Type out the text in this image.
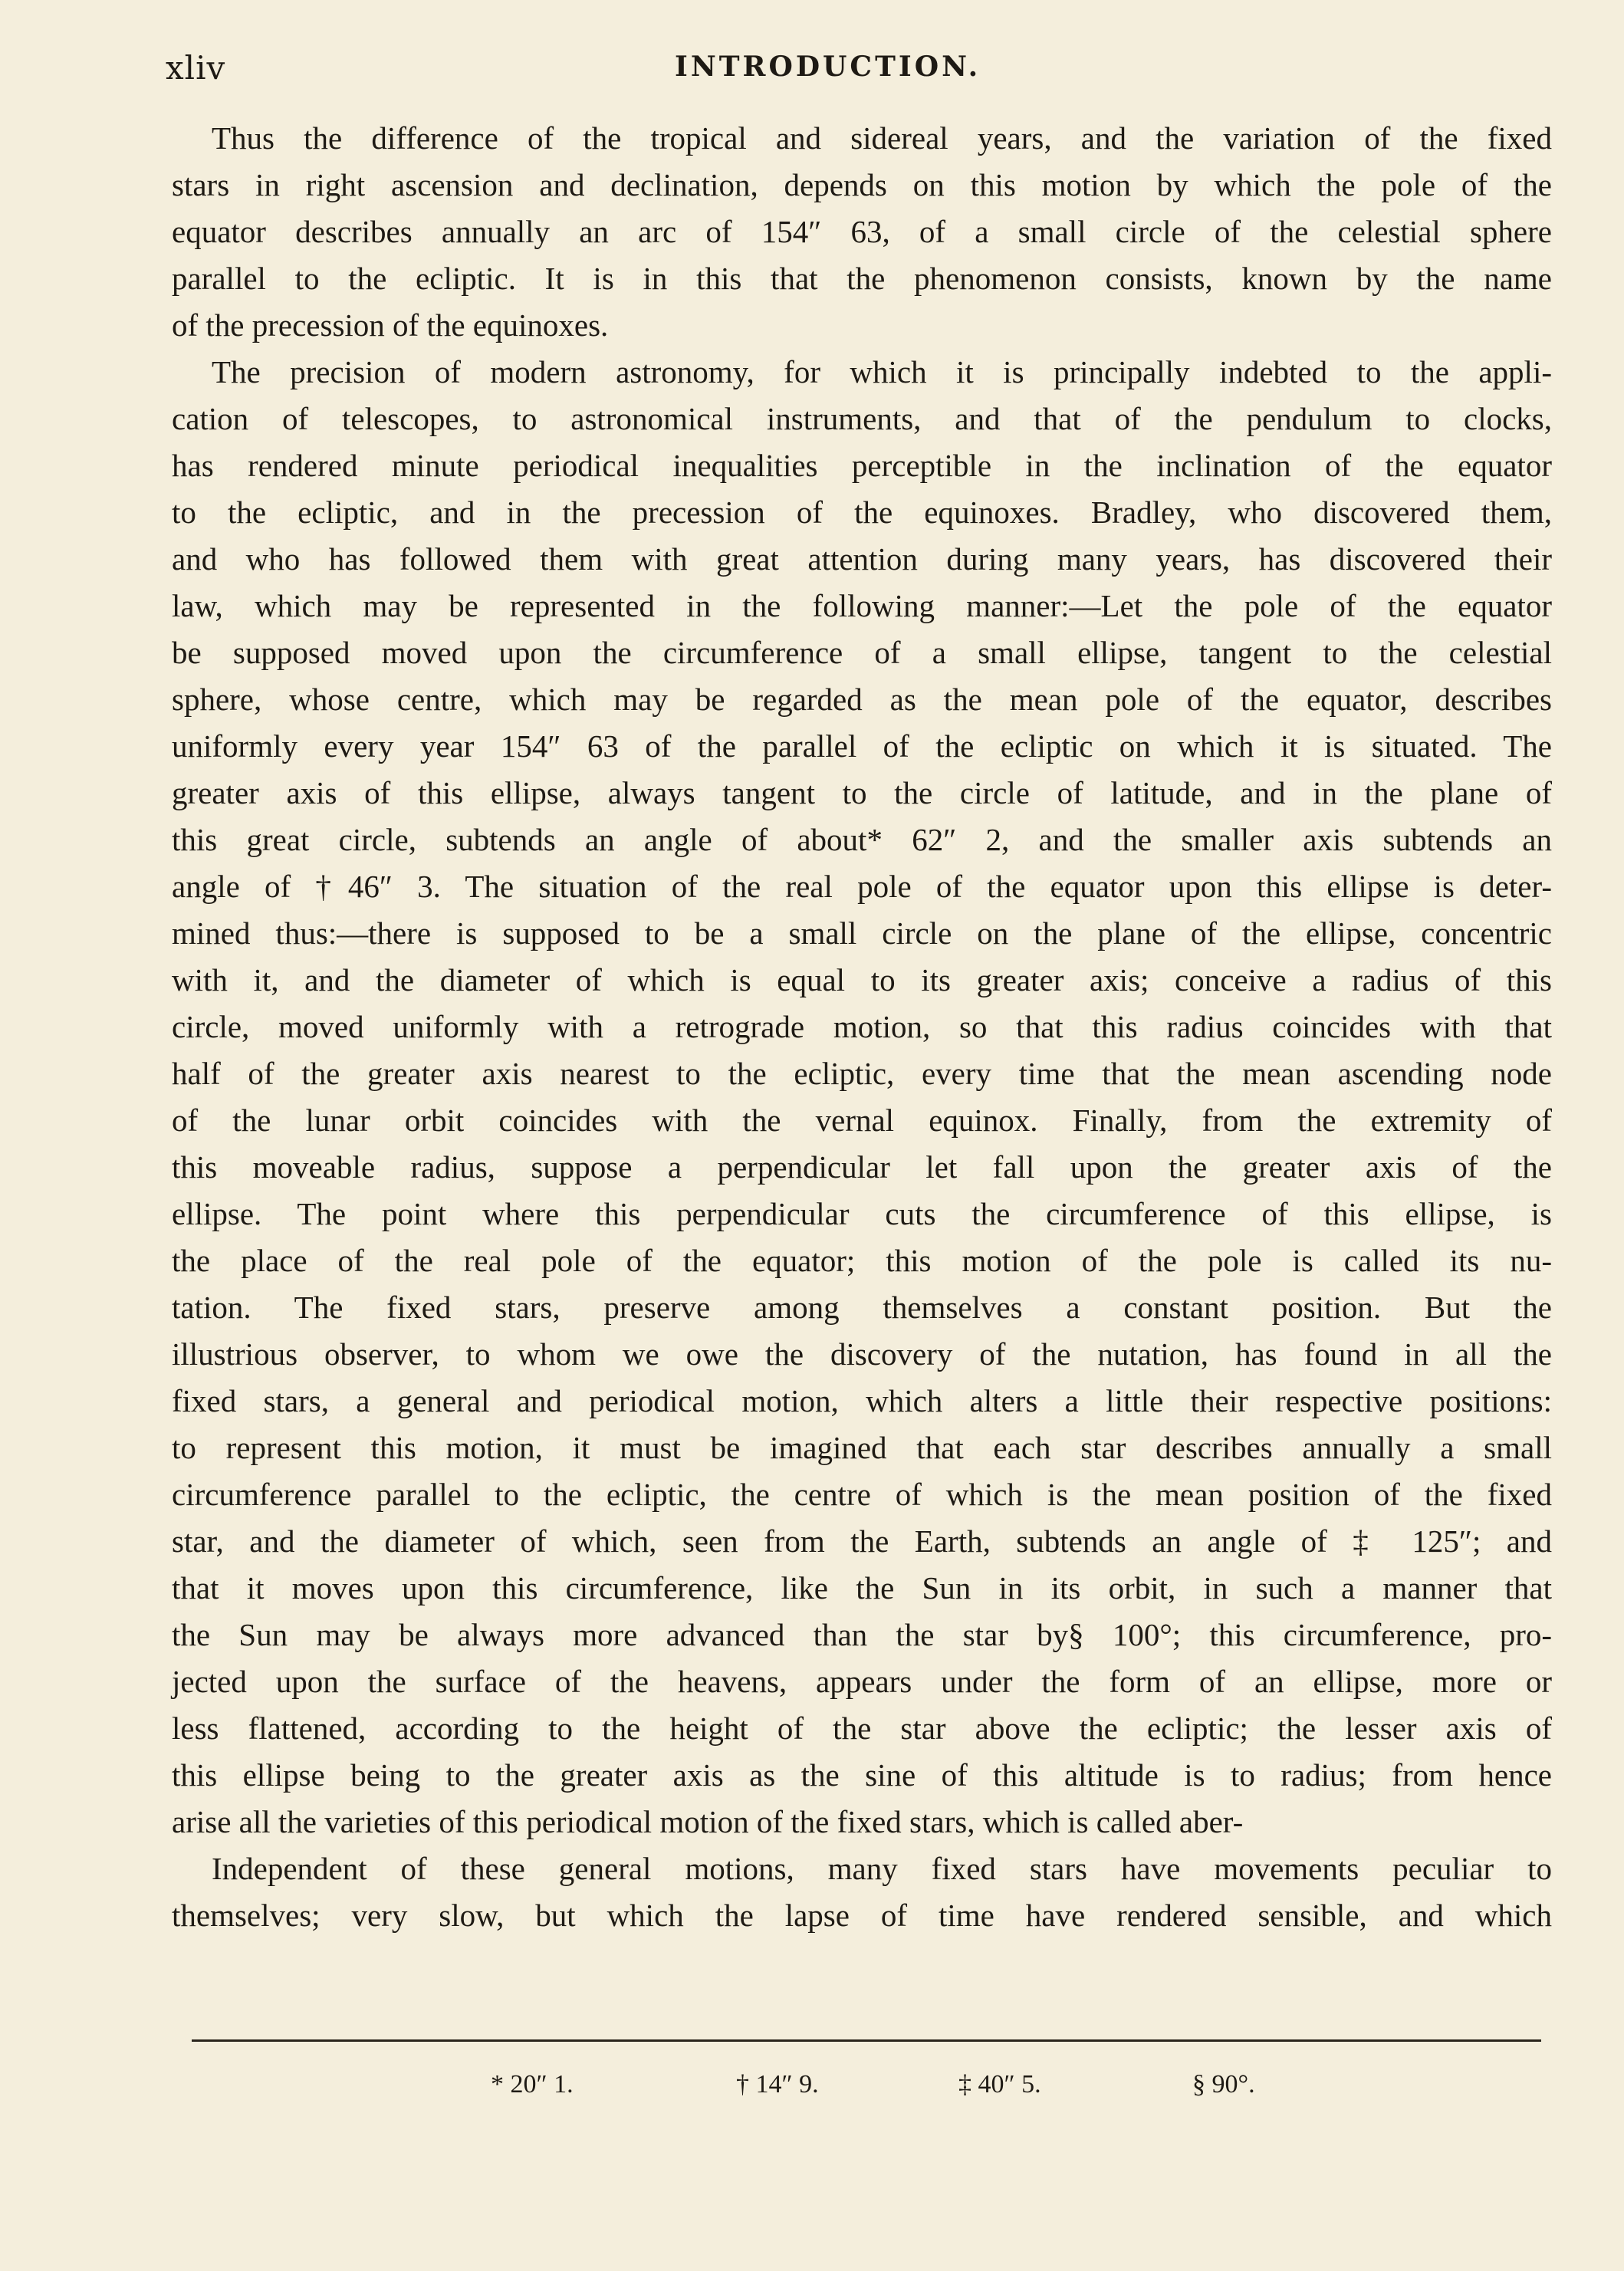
xliv	INTRODUCTION.

Thus the difference of the tropical and sidereal years, and the variation of the fixed
stars in right ascension and declination, depends on this motion by which the pole of the
equator describes annually an arc of 154″ 63, of a small circle of the celestial sphere
parallel to the ecliptic. It is in this that the phenomenon consists, known by the name
of the precession of the equinoxes.

The precision of modern astronomy, for which it is principally indebted to the appli-
cation of telescopes, to astronomical instruments, and that of the pendulum to clocks,
has rendered minute periodical inequalities perceptible in the inclination of the equator
to the ecliptic, and in the precession of the equinoxes. Bradley, who discovered them,
and who has followed them with great attention during many years, has discovered their
law, which may be represented in the following manner:—Let the pole of the equator
be supposed moved upon the circumference of a small ellipse, tangent to the celestial
sphere, whose centre, which may be regarded as the mean pole of the equator, describes
uniformly every year 154″ 63 of the parallel of the ecliptic on which it is situated. The
greater axis of this ellipse, always tangent to the circle of latitude, and in the plane of
this great circle, subtends an angle of about* 62″ 2, and the smaller axis subtends an
angle of †46″ 3. The situation of the real pole of the equator upon this ellipse is deter-
mined thus:—there is supposed to be a small circle on the plane of the ellipse, concentric
with it, and the diameter of which is equal to its greater axis; conceive a radius of this
circle, moved uniformly with a retrograde motion, so that this radius coincides with that
half of the greater axis nearest to the ecliptic, every time that the mean ascending node
of the lunar orbit coincides with the vernal equinox. Finally, from the extremity of
this moveable radius, suppose a perpendicular let fall upon the greater axis of the
ellipse. The point where this perpendicular cuts the circumference of this ellipse, is
the place of the real pole of the equator; this motion of the pole is called its nu-
tation. The fixed stars, preserve among themselves a constant position. But the
illustrious observer, to whom we owe the discovery of the nutation, has found in all the
fixed stars, a general and periodical motion, which alters a little their respective positions:
to represent this motion, it must be imagined that each star describes annually a small
circumference parallel to the ecliptic, the centre of which is the mean position of the fixed
star, and the diameter of which, seen from the Earth, subtends an angle of ‡ 125″; and
that it moves upon this circumference, like the Sun in its orbit, in such a manner that
the Sun may be always more advanced than the star by§ 100°; this circumference, pro-
jected upon the surface of the heavens, appears under the form of an ellipse, more or
less flattened, according to the height of the star above the ecliptic; the lesser axis of
this ellipse being to the greater axis as the sine of this altitude is to radius; from hence
arise all the varieties of this periodical motion of the fixed stars, which is called aber-

Independent of these general motions, many fixed stars have movements peculiar to
themselves; very slow, but which the lapse of time have rendered sensible, and which

* 20″ 1.	† 14″ 9.	‡ 40″ 5.	§ 90°.
